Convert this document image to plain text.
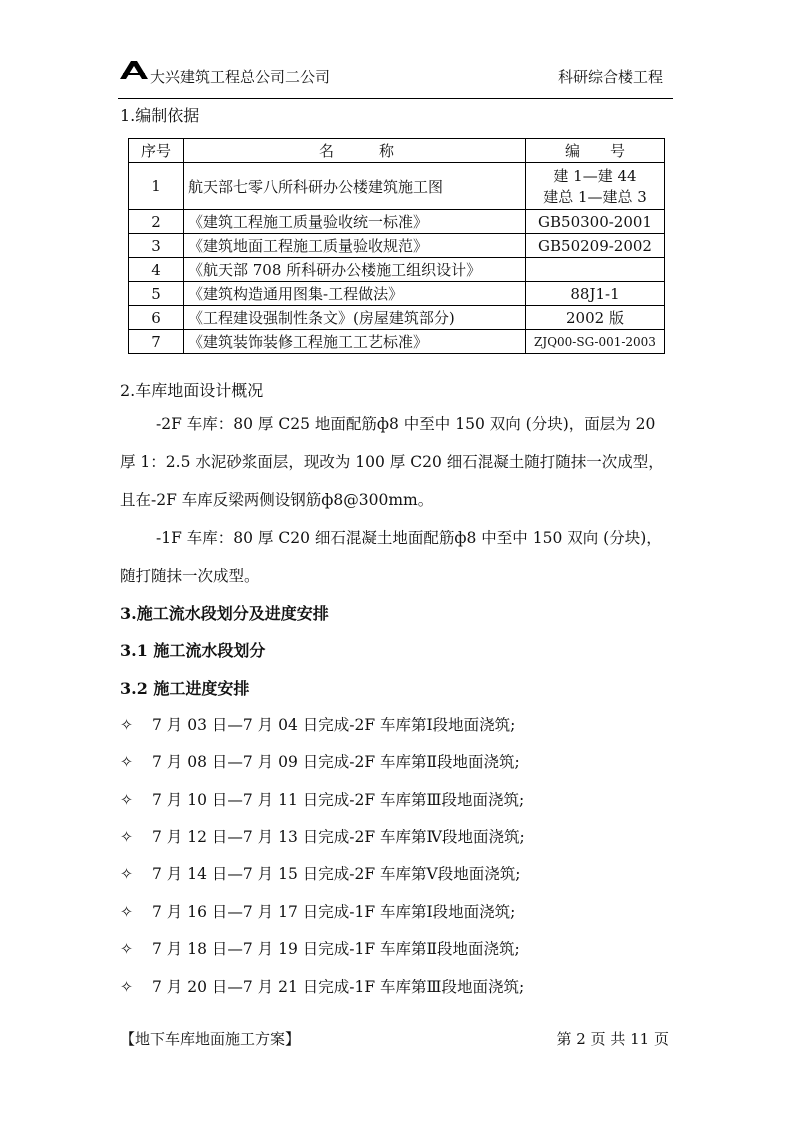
大兴建筑工程总公司二公司	科研综合楼工程
1.编制依据
序号	名　　　称	编　　号
1	航天部七零八所科研办公楼建筑施工图	建 1—建 44
建总 1—建总 3

2	《建筑工程施工质量验收统一标准》	GB50300-2001
3	《建筑地面工程施工质量验收规范》	GB50209-2002
4	《航天部 708 所科研办公楼施工组织设计》	
5	《建筑构造通用图集-工程做法》	88J1-1
6	《工程建设强制性条文》(房屋建筑部分)	2002 版
7	《建筑装饰装修工程施工工艺标准》	ZJQ00-SG-001-2003
2.车库地面设计概况
-2F 车库：80 厚 C25 地面配筋ф8 中至中 150 双向 (分块)，面层为 20 厚 1：2.5 水泥砂浆面层，现改为 100 厚 C20 细石混凝土随打随抹一次成型，且在-2F 车库反梁两侧设钢筋ф8@300mm。
-1F 车库：80 厚 C20 细石混凝土地面配筋ф8 中至中 150 双向 (分块)，随打随抹一次成型。
3.施工流水段划分及进度安排
3.1 施工流水段划分
3.2 施工进度安排
✧ 7 月 03 日—7 月 04 日完成-2F 车库第Ⅰ段地面浇筑;
✧ 7 月 08 日—7 月 09 日完成-2F 车库第Ⅱ段地面浇筑;
✧ 7 月 10 日—7 月 11 日完成-2F 车库第Ⅲ段地面浇筑;
✧ 7 月 12 日—7 月 13 日完成-2F 车库第Ⅳ段地面浇筑;
✧ 7 月 14 日—7 月 15 日完成-2F 车库第Ⅴ段地面浇筑;
✧ 7 月 16 日—7 月 17 日完成-1F 车库第Ⅰ段地面浇筑;
✧ 7 月 18 日—7 月 19 日完成-1F 车库第Ⅱ段地面浇筑;
✧ 7 月 20 日—7 月 21 日完成-1F 车库第Ⅲ段地面浇筑;
【地下车库地面施工方案】	第 2 页 共 11 页
